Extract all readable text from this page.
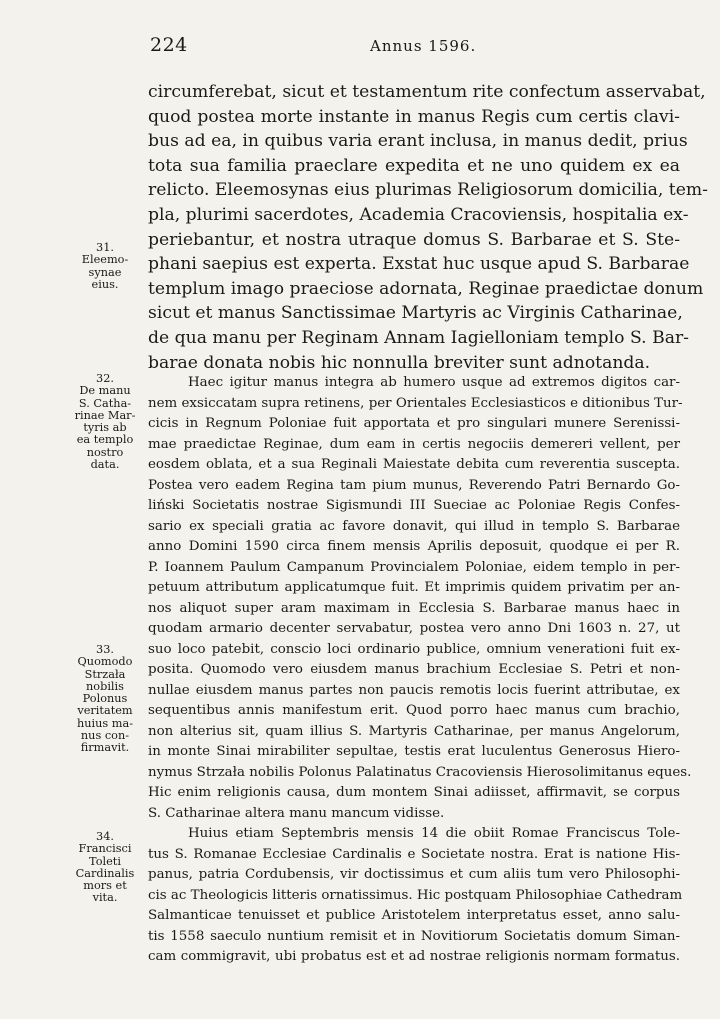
224	Annus 1596.
circumferebat, sicut et testamentum rite confectum asservabat,
quod postea morte instante in manus Regis cum certis clavi-
bus ad ea, in quibus varia erant inclusa, in manus dedit, prius
tota sua familia praeclare expedita et ne uno quidem ex ea
relicto. Eleemosynas eius plurimas Religiosorum domicilia, tem-
pla, plurimi sacerdotes, Academia Cracoviensis, hospitalia ex-
periebantur, et nostra utraque domus S. Barbarae et S. Ste-
phani saepius est experta. Exstat huc usque apud S. Barbarae
templum imago praeciose adornata, Reginae praedictae donum
sicut et manus Sanctissimae Martyris ac Virginis Catharinae,
de qua manu per Reginam Annam Iagielloniam templo S. Bar-
barae donata nobis hic nonnulla breviter sunt adnotanda.
Haec igitur manus integra ab humero usque ad extremos digitos car-
nem exsiccatam supra retinens, per Orientales Ecclesiasticos e ditionibus Tur-
cicis in Regnum Poloniae fuit apportata et pro singulari munere Serenissi-
mae praedictae Reginae, dum eam in certis negociis demereri vellent, per
eosdem oblata, et a sua Reginali Maiestate debita cum reverentia suscepta.
Postea vero eadem Regina tam pium munus, Reverendo Patri Bernardo Go-
liński Societatis nostrae Sigismundi III Sueciae ac Poloniae Regis Confes-
sario ex speciali gratia ac favore donavit, qui illud in templo S. Barbarae
anno Domini 1590 circa finem mensis Aprilis deposuit, quodque ei per R.
P. Ioannem Paulum Campanum Provincialem Poloniae, eidem templo in per-
petuum attributum applicatumque fuit. Et imprimis quidem privatim per an-
nos aliquot super aram maximam in Ecclesia S. Barbarae manus haec in
quodam armario decenter servabatur, postea vero anno Dni 1603 n. 27, ut
suo loco patebit, conscio loci ordinario publice, omnium venerationi fuit ex-
posita. Quomodo vero eiusdem manus brachium Ecclesiae S. Petri et non-
nullae eiusdem manus partes non paucis remotis locis fuerint attributae, ex
sequentibus annis manifestum erit. Quod porro haec manus cum brachio,
non alterius sit, quam illius S. Martyris Catharinae, per manus Angelorum,
in monte Sinai mirabiliter sepultae, testis erat luculentus Generosus Hiero-
nymus Strzała nobilis Polonus Palatinatus Cracoviensis Hierosolimitanus eques.
Hic enim religionis causa, dum montem Sinai adiisset, affirmavit, se corpus
S. Catharinae altera manu mancum vidisse.
Huius etiam Septembris mensis 14 die obiit Romae Franciscus Tole-
tus S. Romanae Ecclesiae Cardinalis e Societate nostra. Erat is natione His-
panus, patria Cordubensis, vir doctissimus et cum aliis tum vero Philosophi-
cis ac Theologicis litteris ornatissimus. Hic postquam Philosophiae Cathedram
Salmanticae tenuisset et publice Aristotelem interpretatus esset, anno salu-
tis 1558 saeculo nuntium remisit et in Novitiorum Societatis domum Siman-
cam commigravit, ubi probatus est et ad nostrae religionis normam formatus.
31.
Eleemo-
synae
eius.
32.
De manu
S. Catha-
rinae Mar-
tyris ab
ea templo
nostro
data.
33.
Quomodo
Strzała
nobilis
Polonus
veritatem
huius ma-
nus con-
firmavit.
34.
Francisci
Toleti
Cardinalis
mors et
vita.
